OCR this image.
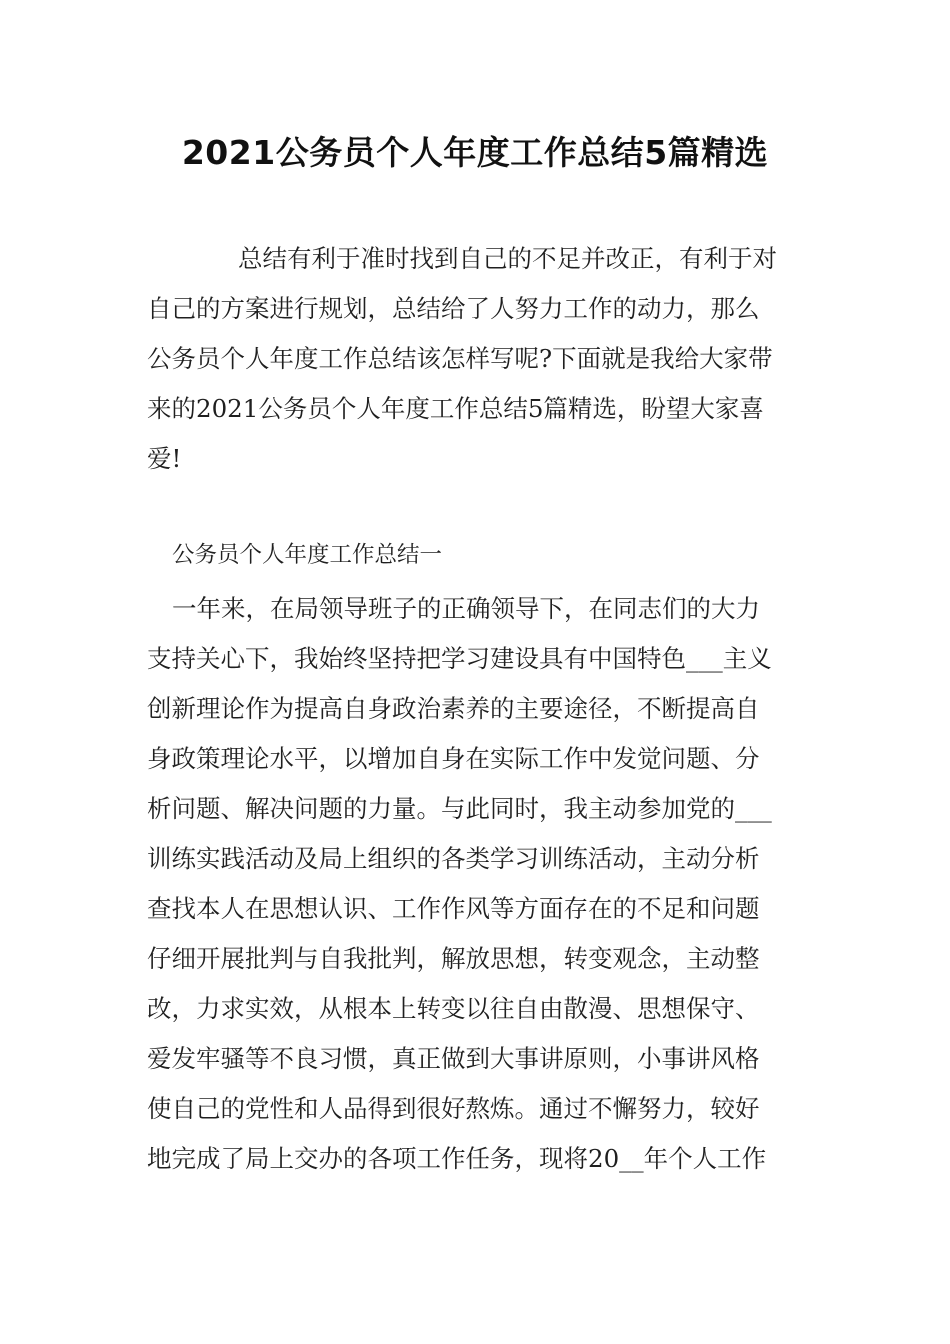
2021公务员个人年度工作总结5篇精选
总结有利于准时找到自己的不足并改正，有利于对
自己的方案进行规划，总结给了人努力工作的动力，那么
公务员个人年度工作总结该怎样写呢?下面就是我给大家带
来的2021公务员个人年度工作总结5篇精选，盼望大家喜
爱!
公务员个人年度工作总结一
一年来，在局领导班子的正确领导下，在同志们的大力
支持关心下，我始终坚持把学习建设具有中国特色___主义
创新理论作为提高自身政治素养的主要途径，不断提高自
身政策理论水平，以增加自身在实际工作中发觉问题、分
析问题、解决问题的力量。与此同时，我主动参加党的___
训练实践活动及局上组织的各类学习训练活动，主动分析
查找本人在思想认识、工作作风等方面存在的不足和问题
仔细开展批判与自我批判，解放思想，转变观念，主动整
改，力求实效，从根本上转变以往自由散漫、思想保守、
爱发牢骚等不良习惯，真正做到大事讲原则，小事讲风格
使自己的党性和人品得到很好熬炼。通过不懈努力，较好
地完成了局上交办的各项工作任务，现将20__年个人工作
